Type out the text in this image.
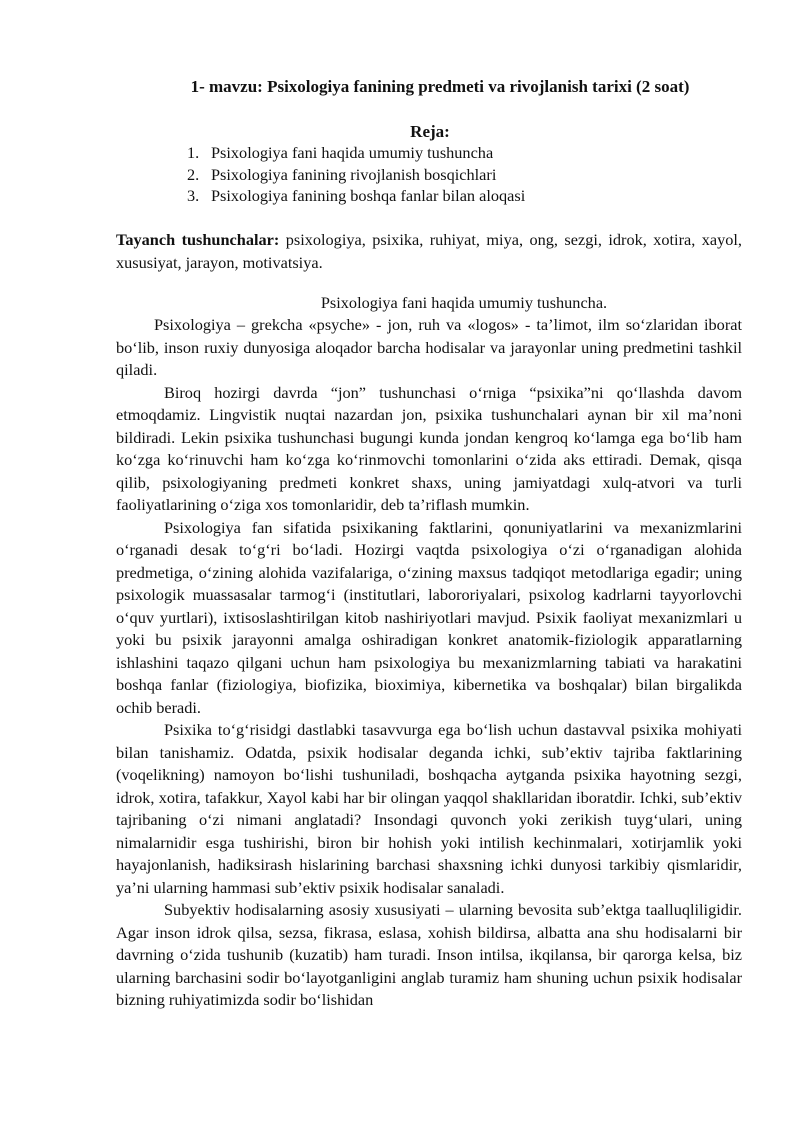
1- mavzu: Psixologiya fanining predmeti va rivojlanish tarixi (2 soat)
Reja:
1. Psixologiya fani haqida umumiy tushuncha
2. Psixologiya fanining rivojlanish bosqichlari
3. Psixologiya fanining boshqa fanlar bilan aloqasi
Tayanch tushunchalar: psixologiya, psixika, ruhiyat, miya, ong, sezgi, idrok, xotira, xayol, xususiyat, jarayon, motivatsiya.
Psixologiya fani haqida umumiy tushuncha.

Psixologiya – grekcha «psyche» - jon, ruh va «logos» - ta’limot, ilm so‘zlaridan iborat bo‘lib, inson ruxiy dunyosiga aloqador barcha hodisalar va jarayonlar uning predmetini tashkil qiladi.

Biroq hozirgi davrda “jon” tushunchasi o‘rniga “psixika”ni qo‘llashda davom etmoqdamiz. Lingvistik nuqtai nazardan jon, psixika tushunchalari aynan bir xil ma’noni bildiradi. Lekin psixika tushunchasi bugungi kunda jondan kengroq ko‘lamga ega bo‘lib ham ko‘zga ko‘rinuvchi ham ko‘zga ko‘rinmovchi tomonlarini o‘zida aks ettiradi. Demak, qisqa qilib, psixologiyaning predmeti konkret shaxs, uning jamiyatdagi xulq-atvori va turli faoliyatlarining o‘ziga xos tomonlaridir, deb ta’riflash mumkin.

Psixologiya fan sifatida psixikaning faktlarini, qonuniyatlarini va mexanizmlarini o‘rganadi desak to‘g‘ri bo‘ladi. Hozirgi vaqtda psixologiya o‘zi o‘rganadigan alohida predmetiga, o‘zining alohida vazifalariga, o‘zining maxsus tadqiqot metodlariga egadir; uning psixologik muassasalar tarmog‘i (institutlari, labororiyalari, psixolog kadrlarni tayyorlovchi o‘quv yurtlari), ixtisoslashtirilgan kitob nashiriyotlari mavjud. Psixik faoliyat mexanizmlari u yoki bu psixik jarayonni amalga oshiradigan konkret anatomik-fiziologik apparatlarning ishlashini taqazo qilgani uchun ham psixologiya bu mexanizmlarning tabiati va harakatini boshqa fanlar (fiziologiya, biofizika, bioximiya, kibernetika va boshqalar) bilan birgalikda ochib beradi.

Psixika to‘g‘risidgi dastlabki tasavvurga ega bo‘lish uchun dastavval psixika mohiyati bilan tanishamiz. Odatda, psixik hodisalar deganda ichki, sub’ektiv tajriba faktlarining (voqelikning) namoyon bo‘lishi tushuniladi, boshqacha aytganda psixika hayotning sezgi, idrok, xotira, tafakkur, Xayol kabi har bir olingan yaqqol shakllaridan iboratdir. Ichki, sub’ektiv tajribaning o‘zi nimani anglatadi? Insondagi quvonch yoki zerikish tuyg‘ulari, uning nimalarnidir esga tushirishi, biron bir hohish yoki intilish kechinmalari, xotirjamlik yoki hayajonlanish, hadiksirash hislarining barchasi shaxsning ichki dunyosi tarkibiy qismlaridir, ya’ni ularning hammasi sub’ektiv psixik hodisalar sanaladi.

Subyektiv hodisalarning asosiy xususiyati – ularning bevosita sub’ektga taalluqliligidir. Agar inson idrok qilsa, sezsa, fikrasa, eslasa, xohish bildirsa, albatta ana shu hodisalarni bir davrning o‘zida tushunib (kuzatib) ham turadi. Inson intilsa, ikqilansa, bir qarorga kelsa, biz ularning barchasini sodir bo‘layotganligini anglab turamiz ham shuning uchun psixik hodisalar bizning ruhiyatimizda sodir bo‘lishidan
